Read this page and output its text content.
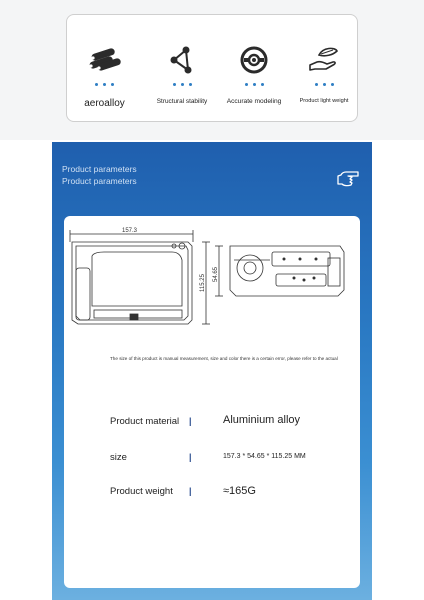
aeroalloy	Structural stability	Accurate modeling	Product light weight
Product parameters
Product parameters
157.3
115.25 54.65
The size of this product is manual measurement, size and color there is a certain error, please refer to the actual
Product material |	Aluminium alloy
size	|	157.3 * 54.65 * 115.25 MM
Product weight |	≈165G
